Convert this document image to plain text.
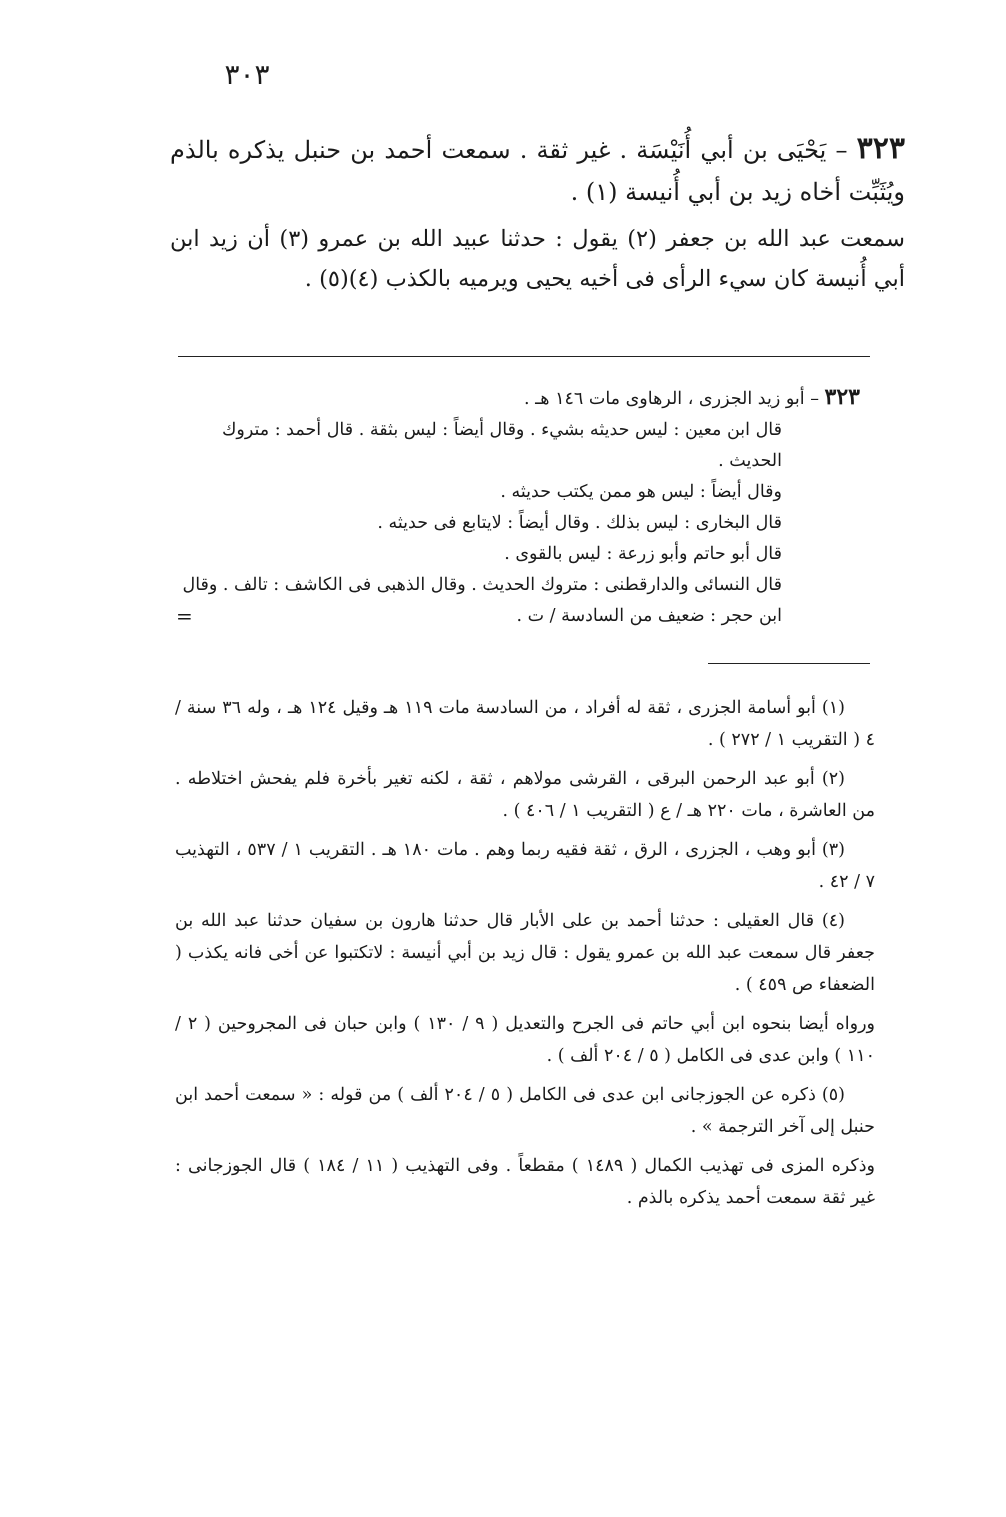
٣٠٣

٣٢٣ – يَحْيَى بن أبي أُنَيْسَة . غير ثقة . سمعت أحمد بن حنبل يذكره بالذم ويُثَبِّت أخاه زيد بن أبي أُنيسة (١) .

سمعت عبد الله بن جعفر (٢) يقول : حدثنا عبيد الله بن عمرو (٣) أن زيد ابن أبي أُنيسة كان سيء الرأى فى أخيه يحيى ويرميه بالكذب (٤)(٥) .

٣٢٣ – أبو زيد الجزرى ، الرهاوى مات ١٤٦ هـ .

قال ابن معين : ليس حديثه بشيء . وقال أيضاً : ليس بثقة . قال أحمد : متروك الحديث .

وقال أيضاً : ليس هو ممن يكتب حديثه .

قال البخارى : ليس بذلك . وقال أيضاً : لايتابع فى حديثه .

قال أبو حاتم وأبو زرعة : ليس بالقوى .

قال النسائى والدارقطنى : متروك الحديث . وقال الذهبى فى الكاشف : تالف . وقال ابن حجر : ضعيف من السادسة / ت .

=

(١) أبو أسامة الجزرى ، ثقة له أفراد ، من السادسة مات ١١٩ هـ وقيل ١٢٤ هـ ، وله ٣٦ سنة / ٤ ( التقريب ١ / ٢٧٢ ) .

(٢) أبو عبد الرحمن البرقى ، القرشى مولاهم ، ثقة ، لكنه تغير بأخرة فلم يفحش اختلاطه . من العاشرة ، مات ٢٢٠ هـ / ع ( التقريب ١ / ٤٠٦ ) .

(٣) أبو وهب ، الجزرى ، الرق ، ثقة فقيه ربما وهم . مات ١٨٠ هـ . التقريب ١ / ٥٣٧ ، التهذيب ٧ / ٤٢ .

(٤) قال العقيلى : حدثنا أحمد بن على الأبار قال حدثنا هارون بن سفيان حدثنا عبد الله بن جعفر قال سمعت عبد الله بن عمرو يقول : قال زيد بن أبي أنيسة : لاتكتبوا عن أخى فانه يكذب ( الضعفاء ص ٤٥٩ ) .

ورواه أيضا بنحوه ابن أبي حاتم فى الجرح والتعديل ( ٩ / ١٣٠ ) وابن حبان فى المجروحين ( ٢ / ١١٠ ) وابن عدى فى الكامل ( ٥ / ٢٠٤ ألف ) .

(٥) ذكره عن الجوزجانى ابن عدى فى الكامل ( ٥ / ٢٠٤ ألف ) من قوله : « سمعت أحمد ابن حنبل إلى آخر الترجمة » .

وذكره المزى فى تهذيب الكمال ( ١٤٨٩ ) مقطعاً . وفى التهذيب ( ١١ / ١٨٤ ) قال الجوزجانى : غير ثقة سمعت أحمد يذكره بالذم .
